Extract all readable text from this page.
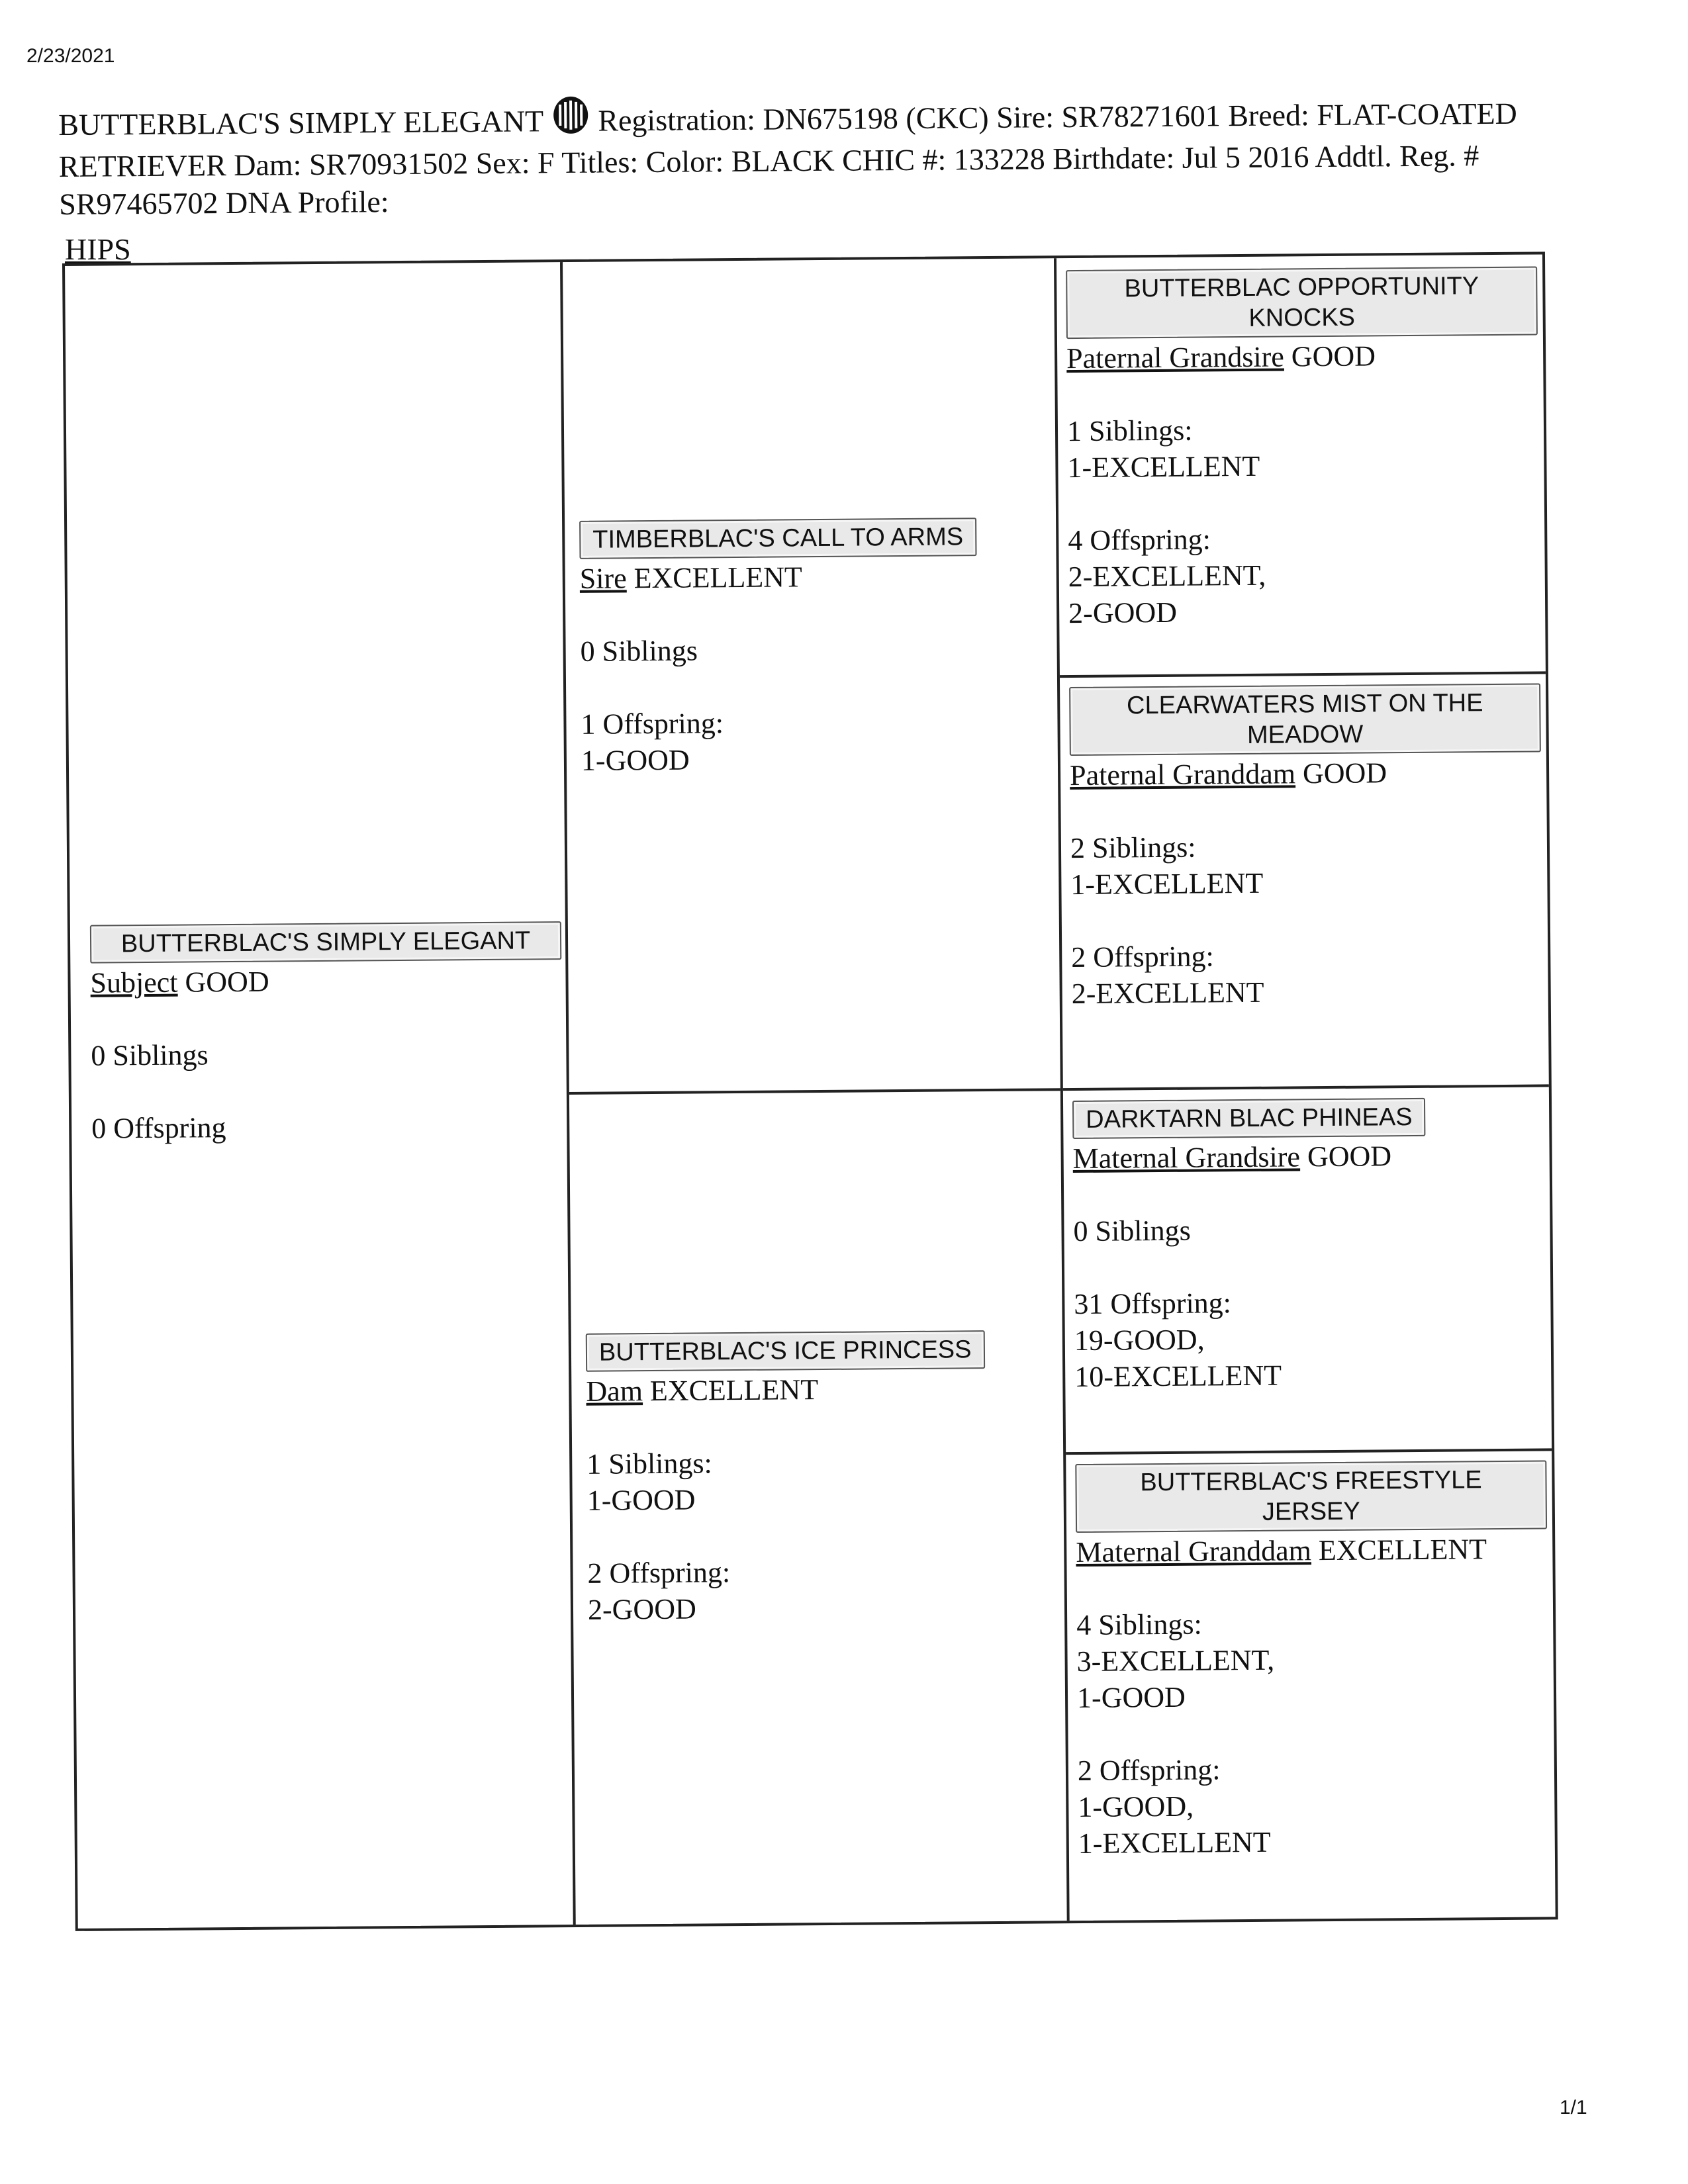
2/23/2021
BUTTERBLAC'S SIMPLY ELEGANT Registration: DN675198 (CKC) Sire: SR78271601 Breed: FLAT-COATED RETRIEVER Dam: SR70931502 Sex: F Titles: Color: BLACK CHIC #: 133228 Birthdate: Jul 5 2016 Addtl. Reg. # SR97465702 DNA Profile:
HIPS
BUTTERBLAC'S SIMPLY ELEGANT
Subject GOOD
0 Siblings
0 Offspring
TIMBERBLAC'S CALL TO ARMS
Sire EXCELLENT
0 Siblings
1 Offspring:
1-GOOD
BUTTERBLAC'S ICE PRINCESS
Dam EXCELLENT
1 Siblings:
1-GOOD
2 Offspring:
2-GOOD
BUTTERBLAC OPPORTUNITY KNOCKS
Paternal Grandsire GOOD
1 Siblings:
1-EXCELLENT
4 Offspring:
2-EXCELLENT,
2-GOOD
CLEARWATERS MIST ON THE MEADOW
Paternal Granddam GOOD
2 Siblings:
1-EXCELLENT
2 Offspring:
2-EXCELLENT
DARKTARN BLAC PHINEAS
Maternal Grandsire GOOD
0 Siblings
31 Offspring:
19-GOOD,
10-EXCELLENT
BUTTERBLAC'S FREESTYLE JERSEY
Maternal Granddam EXCELLENT
4 Siblings:
3-EXCELLENT,
1-GOOD
2 Offspring:
1-GOOD,
1-EXCELLENT
1/1
